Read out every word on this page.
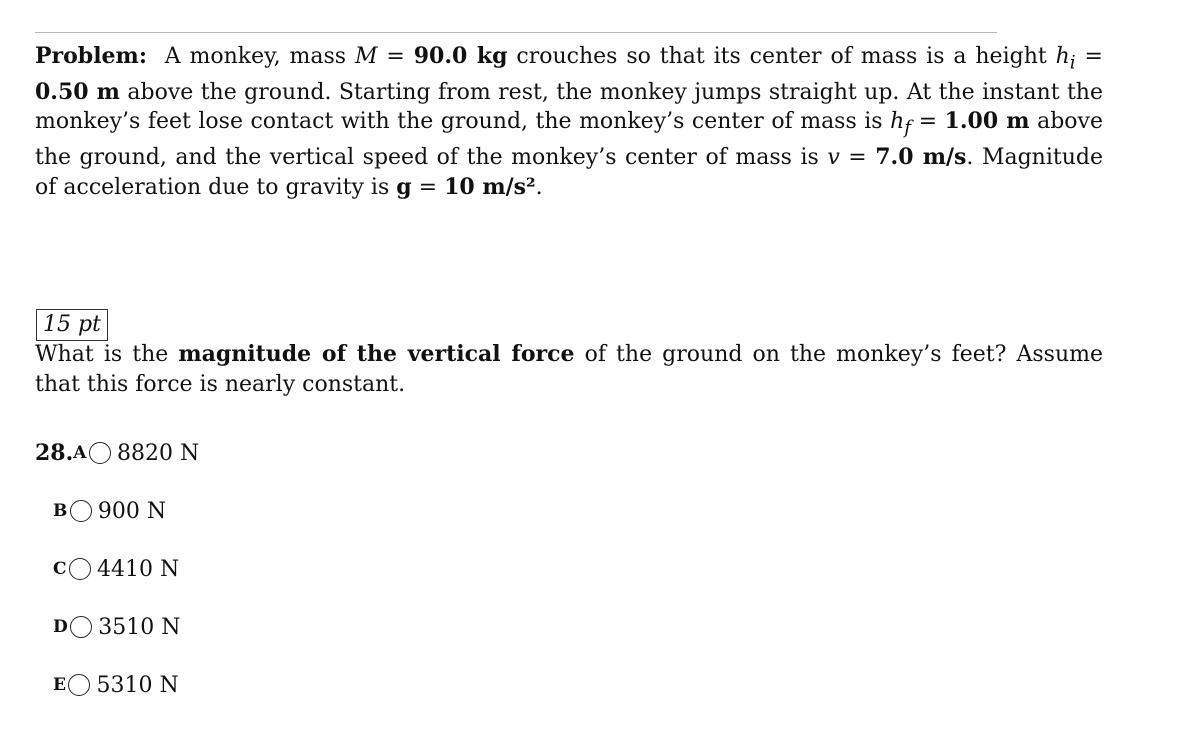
Problem: A monkey, mass M = 90.0 kg crouches so that its center of mass is a height $h_i = 0.50$ m above the ground. Starting from rest, the monkey jumps straight up. At the instant the monkey’s feet lose contact with the ground, the monkey’s center of mass is $h_f = 1.00$ m above the ground, and the vertical speed of the monkey’s center of mass is v = 7.0 m/s. Magnitude of acceleration due to gravity is g = 10 m/s².
15 pt
What is the magnitude of the vertical force of the ground on the monkey’s feet? Assume that this force is nearly constant.
28. A 8820 N
B 900 N
C 4410 N
D 3510 N
E 5310 N
